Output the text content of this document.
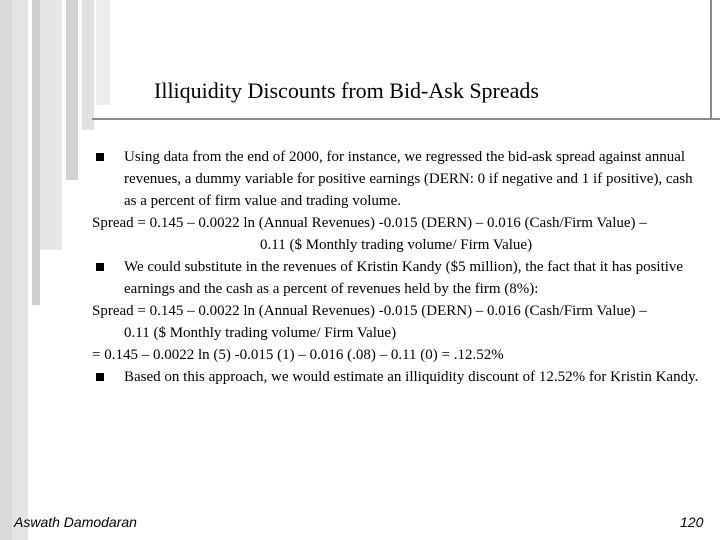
Illiquidity Discounts from Bid-Ask Spreads
Using data from the end of 2000, for instance, we regressed the bid-ask spread against annual revenues, a dummy variable for positive earnings (DERN: 0 if negative and 1 if positive), cash as a percent of firm value and trading volume.
Spread = 0.145 – 0.0022 ln (Annual Revenues) -0.015 (DERN) – 0.016 (Cash/Firm Value) –
0.11 ($ Monthly trading volume/ Firm Value)
We could substitute in the revenues of Kristin Kandy ($5 million), the fact that it has positive earnings and the cash as a percent of revenues held by the firm (8%):
Spread = 0.145 – 0.0022 ln (Annual Revenues) -0.015 (DERN) – 0.016 (Cash/Firm Value) –
0.11 ($ Monthly trading volume/ Firm Value)
= 0.145 – 0.0022 ln (5) -0.015 (1) – 0.016 (.08) – 0.11 (0) = .12.52%
Based on this approach, we would estimate an illiquidity discount of 12.52% for Kristin Kandy.
Aswath Damodaran	120
